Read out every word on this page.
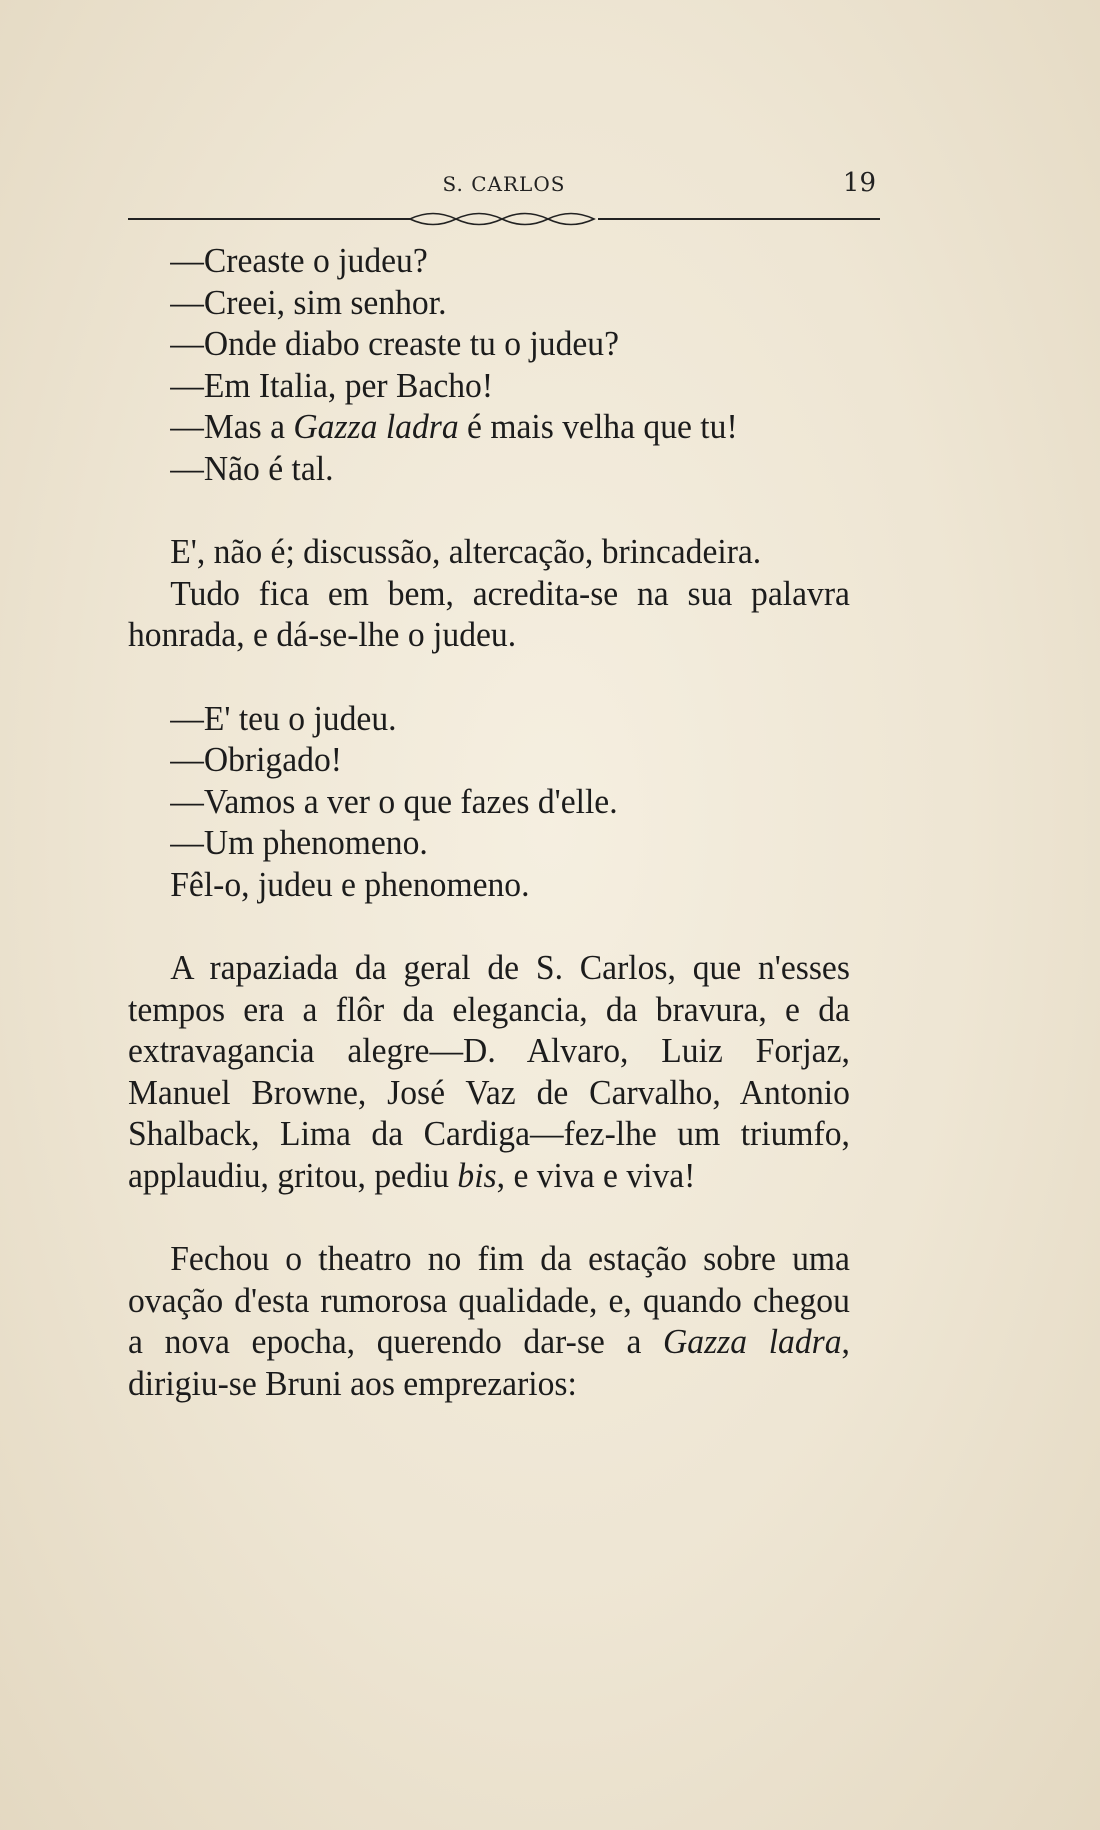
S. CARLOS	19
—Creaste o judeu?
—Creei, sim senhor.
—Onde diabo creaste tu o judeu?
—Em Italia, per Bacho!
—Mas a Gazza ladra é mais velha que tu!
—Não é tal.
E', não é; discussão, altercação, brincadeira.
Tudo fica em bem, acredita-se na sua palavra honrada, e dá-se-lhe o judeu.
—E' teu o judeu.
—Obrigado!
—Vamos a ver o que fazes d'elle.
—Um phenomeno.
Fêl-o, judeu e phenomeno.
A rapaziada da geral de S. Carlos, que n'esses tempos era a flôr da elegancia, da bravura, e da extravagancia alegre—D. Alvaro, Luiz Forjaz, Manuel Browne, José Vaz de Carvalho, Antonio Shalback, Lima da Cardiga—fez-lhe um triumfo, applaudiu, gritou, pediu bis, e viva e viva!
Fechou o theatro no fim da estação sobre uma ovação d'esta rumorosa qualidade, e, quando chegou a nova epocha, querendo dar-se a Gazza ladra, dirigiu-se Bruni aos emprezarios:
